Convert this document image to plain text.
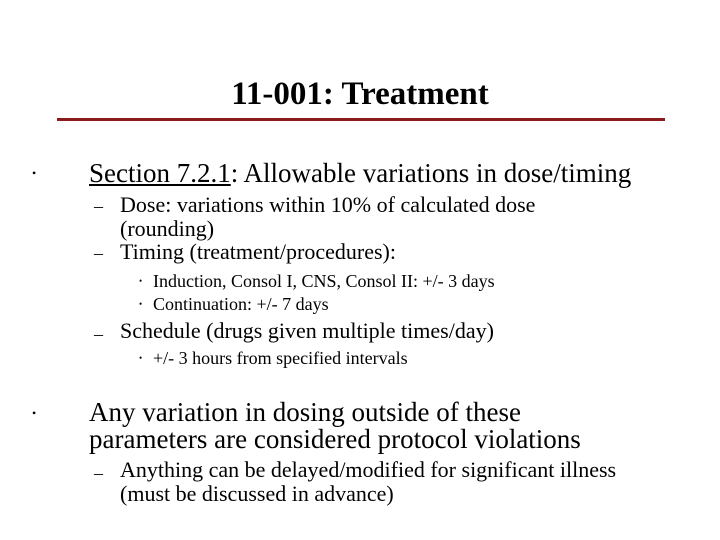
11-001: Treatment
• Section 7.2.1: Allowable variations in dose/timing
– Dose: variations within 10% of calculated dose
(rounding)
– Timing (treatment/procedures):
• Induction, Consol I, CNS, Consol II: +/- 3 days
• Continuation: +/- 7 days
– Schedule (drugs given multiple times/day)
• +/- 3 hours from specified intervals
• Any variation in dosing outside of these
parameters are considered protocol violations
– Anything can be delayed/modified for significant illness
(must be discussed in advance)
